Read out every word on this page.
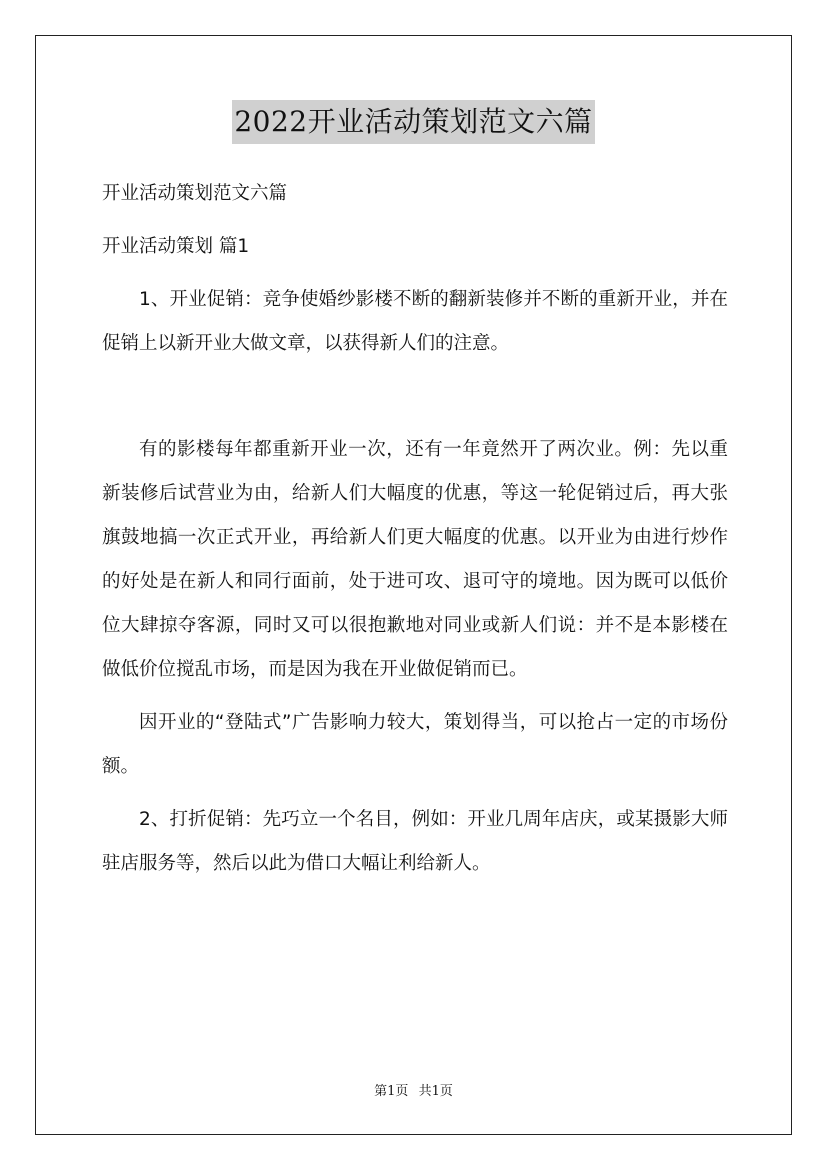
2022开业活动策划范文六篇

开业活动策划范文六篇

开业活动策划 篇1

1、开业促销：竞争使婚纱影楼不断的翻新装修并不断的重新开业，并在促销上以新开业大做文章，以获得新人们的注意。

有的影楼每年都重新开业一次，还有一年竟然开了两次业。例：先以重新装修后试营业为由，给新人们大幅度的优惠，等这一轮促销过后，再大张旗鼓地搞一次正式开业，再给新人们更大幅度的优惠。以开业为由进行炒作的好处是在新人和同行面前，处于进可攻、退可守的境地。因为既可以低价位大肆掠夺客源，同时又可以很抱歉地对同业或新人们说：并不是本影楼在做低价位搅乱市场，而是因为我在开业做促销而已。

因开业的“登陆式”广告影响力较大，策划得当，可以抢占一定的市场份额。

2、打折促销：先巧立一个名目，例如：开业几周年店庆，或某摄影大师驻店服务等，然后以此为借口大幅让利给新人。

第1页 共1页
